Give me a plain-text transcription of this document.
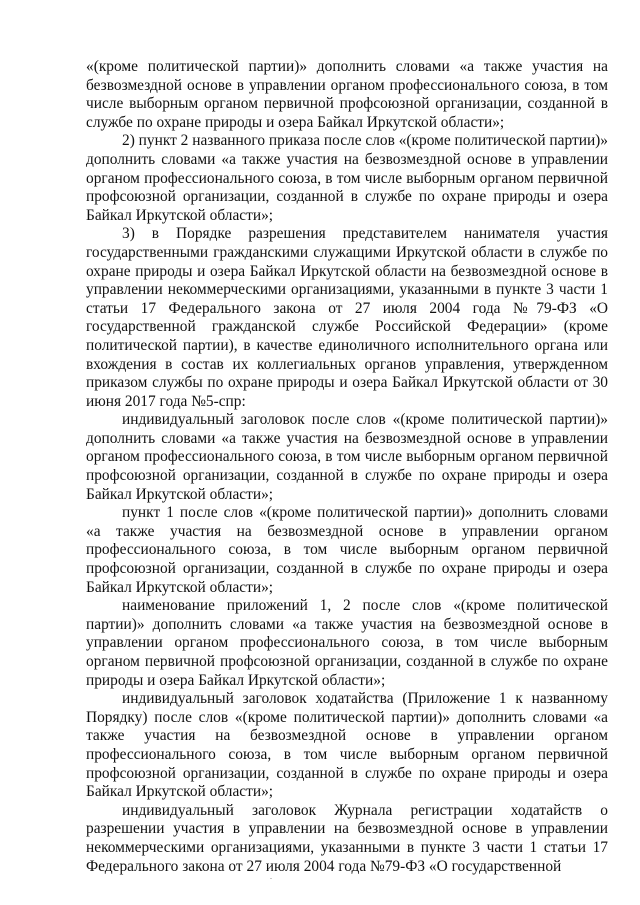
«(кроме политической партии)» дополнить словами «а также участия на безвозмездной основе в управлении органом профессионального союза, в том числе выборным органом первичной профсоюзной организации, созданной в службе по охране природы и озера Байкал Иркутской области»;

2) пункт 2 названного приказа после слов «(кроме политической партии)» дополнить словами «а также участия на безвозмездной основе в управлении органом профессионального союза, в том числе выборным органом первичной профсоюзной организации, созданной в службе по охране природы и озера Байкал Иркутской области»;

3) в Порядке разрешения представителем нанимателя участия государственными гражданскими служащими Иркутской области в службе по охране природы и озера Байкал Иркутской области на безвозмездной основе в управлении некоммерческими организациями, указанными в пункте 3 части 1 статьи 17 Федерального закона от 27 июля 2004 года №79-ФЗ «О государственной гражданской службе Российской Федерации» (кроме политической партии), в качестве единоличного исполнительного органа или вхождения в состав их коллегиальных органов управления, утвержденном приказом службы по охране природы и озера Байкал Иркутской области от 30 июня 2017 года №5-спр:

индивидуальный заголовок после слов «(кроме политической партии)» дополнить словами «а также участия на безвозмездной основе в управлении органом профессионального союза, в том числе выборным органом первичной профсоюзной организации, созданной в службе по охране природы и озера Байкал Иркутской области»;

пункт 1 после слов «(кроме политической партии)» дополнить словами «а также участия на безвозмездной основе в управлении органом профессионального союза, в том числе выборным органом первичной профсоюзной организации, созданной в службе по охране природы и озера Байкал Иркутской области»;

наименование приложений 1, 2 после слов «(кроме политической партии)» дополнить словами «а также участия на безвозмездной основе в управлении органом профессионального союза, в том числе выборным органом первичной профсоюзной организации, созданной в службе по охране природы и озера Байкал Иркутской области»;

индивидуальный заголовок ходатайства (Приложение 1 к названному Порядку) после слов «(кроме политической партии)» дополнить словами «а также участия на безвозмездной основе в управлении органом профессионального союза, в том числе выборным органом первичной профсоюзной организации, созданной в службе по охране природы и озера Байкал Иркутской области»;

индивидуальный заголовок Журнала регистрации ходатайств о разрешении участия в управлении на безвозмездной основе в управлении некоммерческими организациями, указанными в пункте 3 части 1 статьи 17 Федерального закона от 27 июля 2004 года №79-ФЗ «О государственной
